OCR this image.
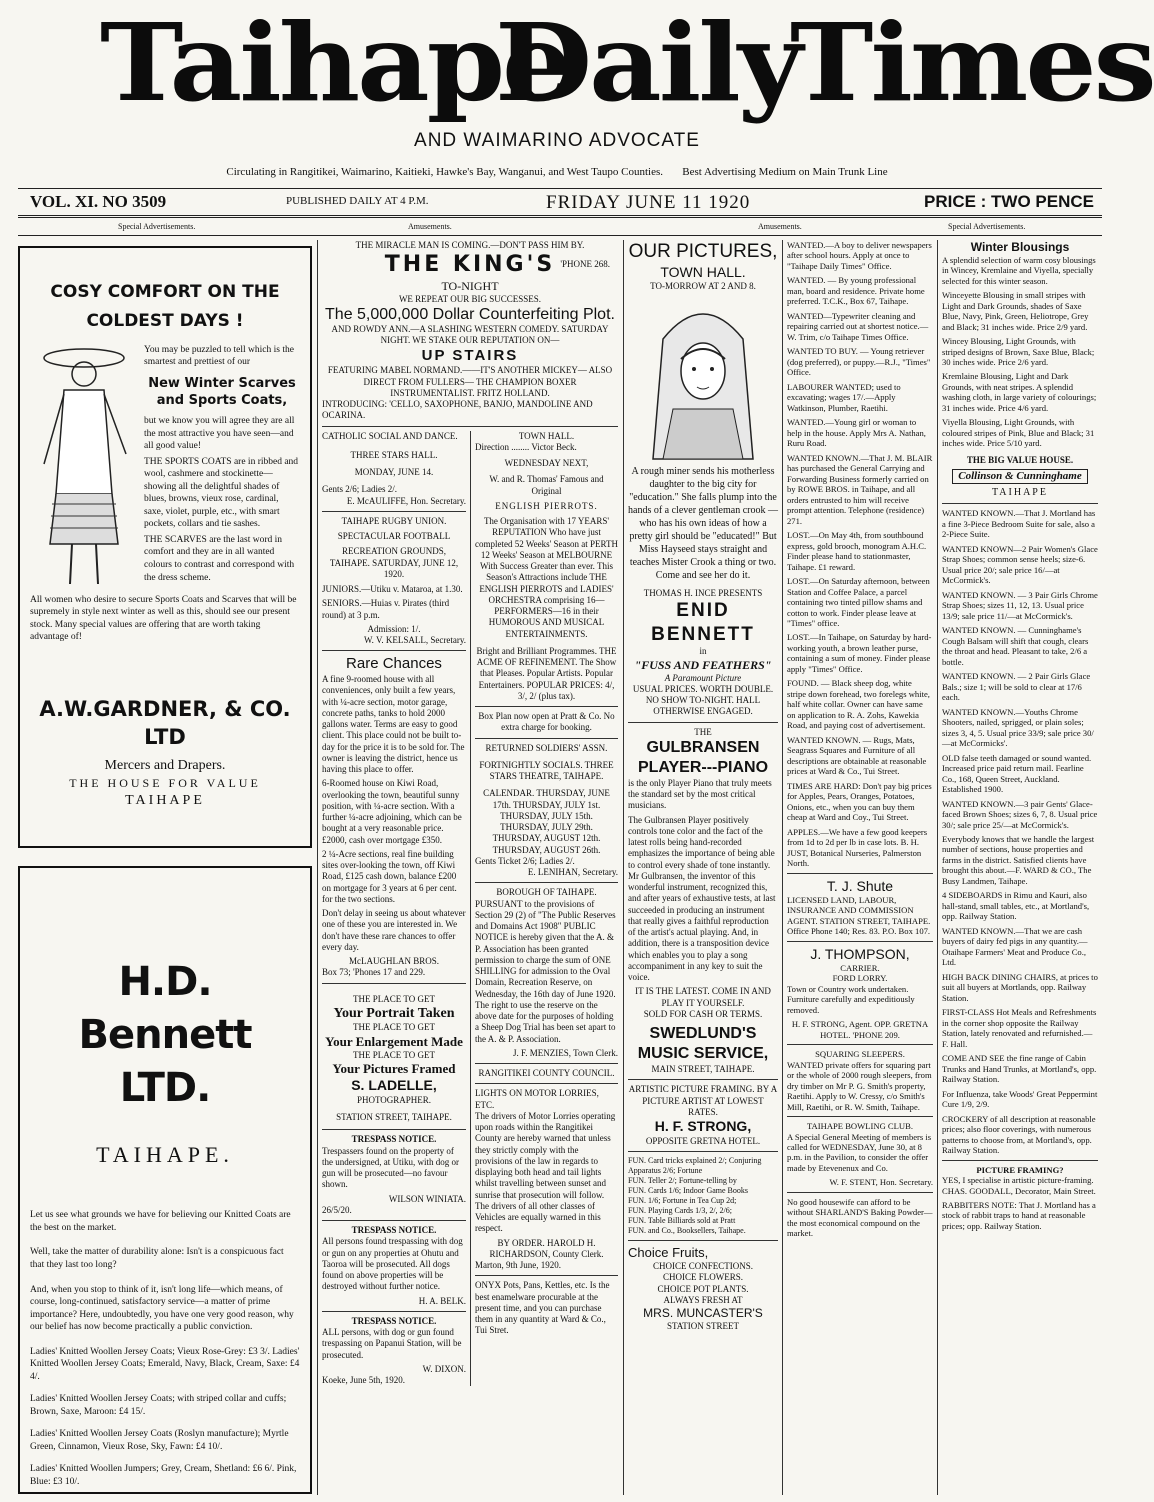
Taihape
Daily
Times
AND WAIMARINO ADVOCATE
Circulating in Rangitikei, Waimarino, Kaitieki, Hawke's Bay, Wanganui, and West Taupo Counties. Best Advertising Medium on Main Trunk Line
VOL. XI. NO 3509	PUBLISHED DAILY AT 4 P.M.	FRIDAY JUNE 11 1920	PRICE : TWO PENCE
Special Advertisements.	Amusements.	Amusements.	Special Advertisements.
COSY COMFORT ON THE COLDEST DAYS !

You may be puzzled to tell which is the smartest and prettiest of our

New Winter Scarves and Sports Coats,

but we know you will agree they are all the most attractive you have seen—and all good value!

THE SPORTS COATS are in ribbed and wool, cashmere and stockinette—showing all the delightful shades of blues, browns, vieux rose, cardinal, saxe, violet, purple, etc., with smart pockets, collars and tie sashes.

THE SCARVES are the last word in comfort and they are in all wanted colours to contrast and correspond with the dress scheme.

All women who desire to secure Sports Coats and Scarves that will be supremely in style next winter as well as this, should see our present stock. Many special values are offering that are worth taking advantage of!

A.W.GARDNER, & CO. LTD
Mercers and Drapers.
THE HOUSE FOR VALUE
TAIHAPE
H.D. Bennett LTD.
TAIHAPE.

Let us see what grounds we have for believing our Knitted Coats are the best on the market.

Well, take the matter of durability alone: Isn't is a conspicuous fact that they last too long?

And, when you stop to think of it, isn't long life—which means, of course, long-continued, satisfactory service—a matter of prime importance? Here, undoubtedly, you have one very good reason, why our belief has now become practically a public conviction.

Ladies' Knitted Woollen Jersey Coats; Vieux Rose-Grey: £3 3/. Ladies' Knitted Woollen Jersey Coats; Emerald, Navy, Black, Cream, Saxe: £4 4/.

Ladies' Knitted Woollen Jersey Coats; with striped collar and cuffs; Brown, Saxe, Maroon: £4 15/.

Ladies' Knitted Woollen Jersey Coats (Roslyn manufacture); Myrtle Green, Cinnamon, Vieux Rose, Sky, Fawn: £4 10/.

Ladies' Knitted Woollen Jumpers; Grey, Cream, Shetland: £6 6/. Pink, Blue: £3 10/.

THE MIRACLE MAN IS COMING.—DON'T PASS HIM BY.
THE KING'S 'PHONE 268.
TO-NIGHT
WE REPEAT OUR BIG SUCCESSES.
The 5,000,000 Dollar Counterfeiting Plot.
AND ROWDY ANN.—A SLASHING WESTERN COMEDY. SATURDAY NIGHT. WE STAKE OUR REPUTATION ON—
UP STAIRS
FEATURING MABEL NORMAND.——IT'S ANOTHER MICKEY— ALSO DIRECT FROM FULLERS— THE CHAMPION BOXER INSTRUMENTALIST. FRITZ HOLLAND.

INTRODUCING: 'CELLO, SAXOPHONE, BANJO, MANDOLINE AND OCARINA.

CATHOLIC SOCIAL AND DANCE.
THREE STARS HALL.
MONDAY, JUNE 14.
Gents 2/6; Ladies 2/.
E. McAULIFFE, Hon. Secretary.
TAIHAPE RUGBY UNION.
SPECTACULAR FOOTBALL
RECREATION GROUNDS, TAIHAPE. SATURDAY, JUNE 12, 1920.

JUNIORS.—Utiku v. Mataroa, at 1.30.

SENIORS.—Huias v. Pirates (third round) at 3 p.m.

Admission: 1/.
W. V. KELSALL, Secretary.
Rare Chances

A fine 9-roomed house with all conveniences, only built a few years, with ¼-acre section, motor garage, concrete paths, tanks to hold 2000 gallons water. Terms are easy to good client. This place could not be built to-day for the price it is to be sold for. The owner is leaving the district, hence us having this place to offer.

6-Roomed house on Kiwi Road, overlooking the town, beautiful sunny position, with ¼-acre section. With a further ¼-acre adjoining, which can be bought at a very reasonable price. £2000, cash over mortgage £350.

2 ¼-Acre sections, real fine building sites over-looking the town, off Kiwi Road, £125 cash down, balance £200 on mortgage for 3 years at 6 per cent. for the two sections.

Don't delay in seeing us about whatever one of these you are interested in. We don't have these rare chances to offer every day.

McLAUGHLAN BROS.
Box 73; 'Phones 17 and 229.
THE PLACE TO GET
Your Portrait Taken
THE PLACE TO GET
Your Enlargement Made
THE PLACE TO GET
Your Pictures Framed
S. LADELLE,
PHOTOGRAPHER.
STATION STREET, TAIHAPE.
TRESPASS NOTICE.

Trespassers found on the property of the undersigned, at Utiku, with dog or gun will be prosecuted—no favour shown.

WILSON WINIATA.
26/5/20.
TRESPASS NOTICE.

All persons found trespassing with dog or gun on any properties at Ohutu and Taoroa will be prosecuted. All dogs found on above properties will be destroyed without further notice.

H. A. BELK.
TRESPASS NOTICE.

ALL persons, with dog or gun found trespassing on Papanui Station, will be prosecuted.

W. DIXON.
Koeke, June 5th, 1920.
TOWN HALL.
Direction ........ Victor Beck.
WEDNESDAY NEXT,
W. and R. Thomas' Famous and Original
ENGLISH PIERROTS.
The Organisation with 17 YEARS' REPUTATION Who have just completed 52 Weeks' Season at PERTH 12 Weeks' Season at MELBOURNE With Success Greater than ever. This Season's Attractions include THE ENGLISH PIERROTS and LADIES' ORCHESTRA comprising 16—PERFORMERS—16 in their HUMOROUS AND MUSICAL ENTERTAINMENTS.
Bright and Brilliant Programmes. THE ACME OF REFINEMENT. The Show that Pleases. Popular Artists. Popular Entertainers. POPULAR PRICES: 4/, 3/, 2/ (plus tax).
Box Plan now open at Pratt & Co. No extra charge for booking.
RETURNED SOLDIERS' ASSN.
FORTNIGHTLY SOCIALS. THREE STARS THEATRE, TAIHAPE.
CALENDAR. THURSDAY, JUNE 17th. THURSDAY, JULY 1st. THURSDAY, JULY 15th. THURSDAY, JULY 29th. THURSDAY, AUGUST 12th. THURSDAY, AUGUST 26th.
Gents Ticket 2/6; Ladies 2/.
E. LENIHAN, Secretary.
BOROUGH OF TAIHAPE.

PURSUANT to the provisions of Section 29 (2) of "The Public Reserves and Domains Act 1908" PUBLIC NOTICE is hereby given that the A. & P. Association has been granted permission to charge the sum of ONE SHILLING for admission to the Oval Domain, Recreation Reserve, on Wednesday, the 16th day of June 1920. The right to use the reserve on the above date for the purposes of holding a Sheep Dog Trial has been set apart to the A. & P. Association.

J. F. MENZIES, Town Clerk.
RANGITIKEI COUNTY COUNCIL.
LIGHTS ON MOTOR LORRIES, ETC.

The drivers of Motor Lorries operating upon roads within the Rangitikei County are hereby warned that unless they strictly comply with the provisions of the law in regards to displaying both head and tail lights whilst travelling between sunset and sunrise that prosecution will follow. The drivers of all other classes of Vehicles are equally warned in this respect.

BY ORDER. HAROLD H. RICHARDSON, County Clerk.
Marton, 9th June, 1920.

ONYX Pots, Pans, Kettles, etc. Is the best enamelware procurable at the present time, and you can purchase them in any quantity at Ward & Co., Tui Stret.

OUR PICTURES,
TOWN HALL.
TO-MORROW AT 2 AND 8.
A rough miner sends his motherless daughter to the big city for "education." She falls plump into the hands of a clever gentleman crook —who has his own ideas of how a pretty girl should be "educated!" But Miss Hayseed stays straight and teaches Mister Crook a thing or two. Come and see her do it.
THOMAS H. INCE PRESENTS
ENID BENNETT
in
"FUSS AND FEATHERS"
A Paramount Picture
USUAL PRICES. WORTH DOUBLE. NO SHOW TO-NIGHT. HALL OTHERWISE ENGAGED.
THE
GULBRANSEN PLAYER---PIANO

is the only Player Piano that truly meets the standard set by the most critical musicians.

The Gulbransen Player positively controls tone color and the fact of the latest rolls being hand-recorded emphasizes the importance of being able to control every shade of tone instantly. Mr Gulbransen, the inventor of this wonderful instrument, recognized this, and after years of exhaustive tests, at last succeeded in producing an instrument that really gives a faithful reproduction of the artist's actual playing. And, in addition, there is a transposition device which enables you to play a song accompaniment in any key to suit the voice.

IT IS THE LATEST. COME IN AND PLAY IT YOURSELF.
SOLD FOR CASH OR TERMS.
SWEDLUND'S MUSIC SERVICE,
MAIN STREET, TAIHAPE.
ARTISTIC PICTURE FRAMING. BY A PICTURE ARTIST AT LOWEST RATES.
H. F. STRONG,
OPPOSITE GRETNA HOTEL.
FUN. Card tricks explained 2/; Conjuring Apparatus 2/6; Fortune
FUN. Teller 2/; Fortune-telling by
FUN. Cards 1/6; Indoor Game Books
FUN. 1/6; Fortune in Tea Cup 2d;
FUN. Playing Cards 1/3, 2/, 2/6;
FUN. Table Billiards sold at Pratt
FUN. and Co., Booksellers, Taihape.
Choice Fruits,
CHOICE CONFECTIONS.
CHOICE FLOWERS.
CHOICE POT PLANTS.
ALWAYS FRESH AT
MRS. MUNCASTER'S
STATION STREET

WANTED.—A boy to deliver newspapers after school hours. Apply at once to "Taihape Daily Times" Office.

WANTED. — By young professional man, board and residence. Private home preferred. T.C.K., Box 67, Taihape.

WANTED—Typewriter cleaning and repairing carried out at shortest notice.—W. Trim, c/o Taihape Times Office.

WANTED TO BUY. — Young retriever (dog preferred), or puppy.—R.J., "Times" Office.

LABOURER WANTED; used to excavating; wages 17/.—Apply Watkinson, Plumber, Raetihi.

WANTED.—Young girl or woman to help in the house. Apply Mrs A. Nathan, Ruru Road.

WANTED KNOWN.—That J. M. BLAIR has purchased the General Carrying and Forwarding Business formerly carried on by ROWE BROS. in Taihape, and all orders entrusted to him will receive prompt attention. Telephone (residence) 271.

LOST.—On May 4th, from southbound express, gold brooch, monogram A.H.C. Finder please hand to stationmaster, Taihape. £1 reward.

LOST.—On Saturday afternoon, between Station and Coffee Palace, a parcel containing two tinted pillow shams and cotton to work. Finder please leave at "Times" office.

LOST.—In Taihape, on Saturday by hard-working youth, a brown leather purse, containing a sum of money. Finder please apply "Times" Office.

FOUND. — Black sheep dog, white stripe down forehead, two forelegs white, half white collar. Owner can have same on application to R. A. Zohs, Kawekia Road, and paying cost of advertisement.

WANTED KNOWN. — Rugs, Mats, Seagrass Squares and Furniture of all descriptions are obtainable at reasonable prices at Ward & Co., Tui Street.

TIMES ARE HARD: Don't pay big prices for Apples, Pears, Oranges, Potatoes, Onions, etc., when you can buy them cheap at Ward and Coy., Tui Street.

APPLES.—We have a few good keepers from 1d to 2d per lb in case lots. B. H. JUST, Botanical Nurseries, Palmerston North.

T. J. Shute

LICENSED LAND, LABOUR, INSURANCE AND COMMISSION AGENT. STATION STREET, TAIHAPE. Office Phone 140; Res. 83. P.O. Box 107.

J. THOMPSON,
CARRIER.
FORD LORRY.

Town or Country work undertaken. Furniture carefully and expeditiously removed.

H. F. STRONG, Agent. OPP. GRETNA HOTEL. 'PHONE 209.
SQUARING SLEEPERS.

WANTED private offers for squaring part or the whole of 2000 rough sleepers, from dry timber on Mr P. G. Smith's property, Raetihi. Apply to W. Cressy, c/o Smith's Mill, Raetihi, or R. W. Smith, Taihape.

TAIHAPE BOWLING CLUB.

A Special General Meeting of members is called for WEDNESDAY, June 30, at 8 p.m. in the Pavilion, to consider the offer made by Etevenenux and Co.

W. F. STENT, Hon. Secretary.

No good housewife can afford to be without SHARLAND'S Baking Powder—the most economical compound on the market.

Winter Blousings

A splendid selection of warm cosy blousings in Wincey, Kremlaine and Viyella, specially selected for this winter season.

Winceyette Blousing in small stripes with Light and Dark Grounds, shades of Saxe Blue, Navy, Pink, Green, Heliotrope, Grey and Black; 31 inches wide. Price 2/9 yard.

Wincey Blousing, Light Grounds, with striped designs of Brown, Saxe Blue, Black; 30 inches wide. Price 2/6 yard.

Kremlaine Blousing, Light and Dark Grounds, with neat stripes. A splendid washing cloth, in large variety of colourings; 31 inches wide. Price 4/6 yard.

Viyella Blousing, Light Grounds, with coloured stripes of Pink, Blue and Black; 31 inches wide. Price 5/10 yard.

THE BIG VALUE HOUSE.
Collinson & Cunninghame
TAIHAPE

WANTED KNOWN.—That J. Mortland has a fine 3-Piece Bedroom Suite for sale, also a 2-Piece Suite.

WANTED KNOWN—2 Pair Women's Glace Strap Shoes; common sense heels; size-6. Usual price 20/; sale price 16/—at McCormick's.

WANTED KNOWN. — 3 Pair Girls Chrome Strap Shoes; sizes 11, 12, 13. Usual price 13/9; sale price 11/—at McCormick's.

WANTED KNOWN. — Cunninghame's Cough Balsam will shift that cough, clears the throat and head. Pleasant to take, 2/6 a bottle.

WANTED KNOWN. — 2 Pair Girls Glace Bals.; size 1; will be sold to clear at 17/6 each.

WANTED KNOWN.—Youths Chrome Shooters, nailed, sprigged, or plain soles; sizes 3, 4, 5. Usual price 33/9; sale price 30/—at McCormicks'.

OLD false teeth damaged or sound wanted. Increased price paid return mail. Fearline Co., 168, Queen Street, Auckland. Established 1900.

WANTED KNOWN.—3 pair Gents' Glace-faced Brown Shoes; sizes 6, 7, 8. Usual price 30/; sale price 25/—at McCormick's.

Everybody knows that we handle the largest number of sections, house properties and farms in the district. Satisfied clients have brought this about.—F. WARD & CO., The Busy Landmen, Taihape.

4 SIDEBOARDS in Rimu and Kauri, also hall-stand, small tables, etc., at Mortland's, opp. Railway Station.

WANTED KNOWN.—That we are cash buyers of dairy fed pigs in any quantity.—Otaihape Farmers' Meat and Produce Co., Ltd.

HIGH BACK DINING CHAIRS, at prices to suit all buyers at Mortlands, opp. Railway Station.

FIRST-CLASS Hot Meals and Refreshments in the corner shop opposite the Railway Station, lately renovated and refurnished.—F. Hall.

COME AND SEE the fine range of Cabin Trunks and Hand Trunks, at Mortland's, opp. Railway Station.

For Influenza, take Woods' Great Peppermint Cure 1/9, 2/9.

CROCKERY of all description at reasonable prices; also floor coverings, with numerous patterns to choose from, at Mortland's, opp. Railway Station.

PICTURE FRAMING?

YES, I specialise in artistic picture-framing. CHAS. GOODALL, Decorator, Main Street.

RABBITERS NOTE: That J. Mortland has a stock of rabbit traps to hand at reasonable prices; opp. Railway Station.
